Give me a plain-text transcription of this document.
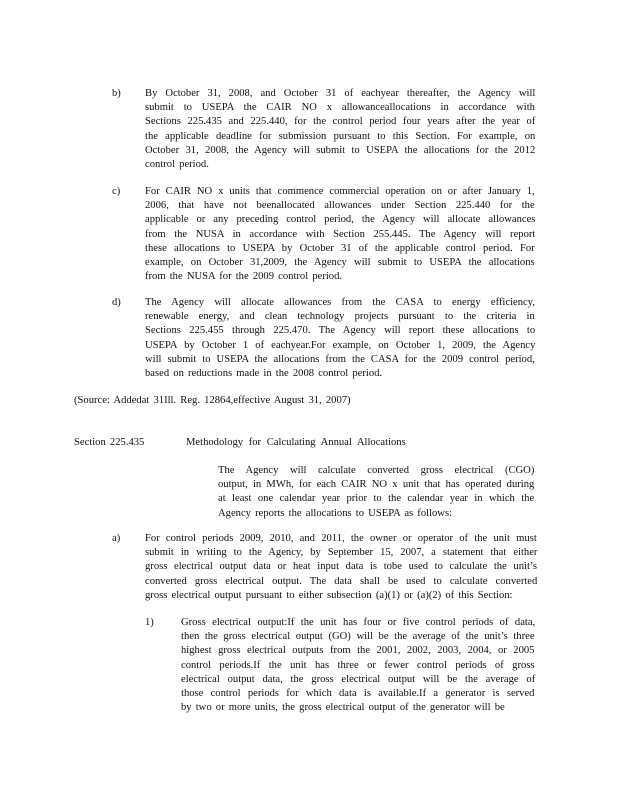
b) By October 31, 2008, and October 31 of eachyear thereafter, the Agency will
submit to USEPA the CAIR NO x allowanceallocations in accordance with
Sections 225.435 and 225.440, for the control period four years after the year of
the applicable deadline for submission pursuant to this Section. For example, on
October 31, 2008, the Agency will submit to USEPA the allocations for the 2012
control period.
c) For CAIR NO x units that commence commercial operation on or after January 1,
2006, that have not beenallocated allowances under Section 225.440 for the
applicable or any preceding control period, the Agency will allocate allowances
from the NUSA in accordance with Section 255.445. The Agency will report
these allocations to USEPA by October 31 of the applicable control period. For
example, on October 31,2009, the Agency will submit to USEPA the allocations
from the NUSA for the 2009 control period.
d) The Agency will allocate allowances from the CASA to energy efficiency,
renewable energy, and clean technology projects pursuant to the criteria in
Sections 225.455 through 225.470. The Agency will report these allocations to
USEPA by October 1 of eachyear.For example, on October 1, 2009, the Agency
will submit to USEPA the allocations from the CASA for the 2009 control period,
based on reductions made in the 2008 control period.
(Source: Addedat 31Ill. Reg. 12864,effective August 31, 2007)
Section 225.435	Methodology for Calculating Annual Allocations
The Agency will calculate converted gross electrical (CGO)
output, in MWh, for each CAIR NO x unit that has operated during
at least one calendar year prior to the calendar year in which the
Agency reports the allocations to USEPA as follows:
a) For control periods 2009, 2010, and 2011, the owner or operator of the unit must
submit in writing to the Agency, by September 15, 2007, a statement that either
gross electrical output data or heat input data is tobe used to calculate the unit’s
converted gross electrical output. The data shall be used to calculate converted
gross electrical output pursuant to either subsection (a)(1) or (a)(2) of this Section:
1)	Gross electrical output:If the unit has four or five control periods of data,
then the gross electrical output (GO) will be the average of the unit’s three
highest gross electrical outputs from the 2001, 2002, 2003, 2004, or 2005
control periods.If the unit has three or fewer control periods of gross
electrical output data, the gross electrical output will be the average of
those control periods for which data is available.If a generator is served
by two or more units, the gross electrical output of the generator will be
